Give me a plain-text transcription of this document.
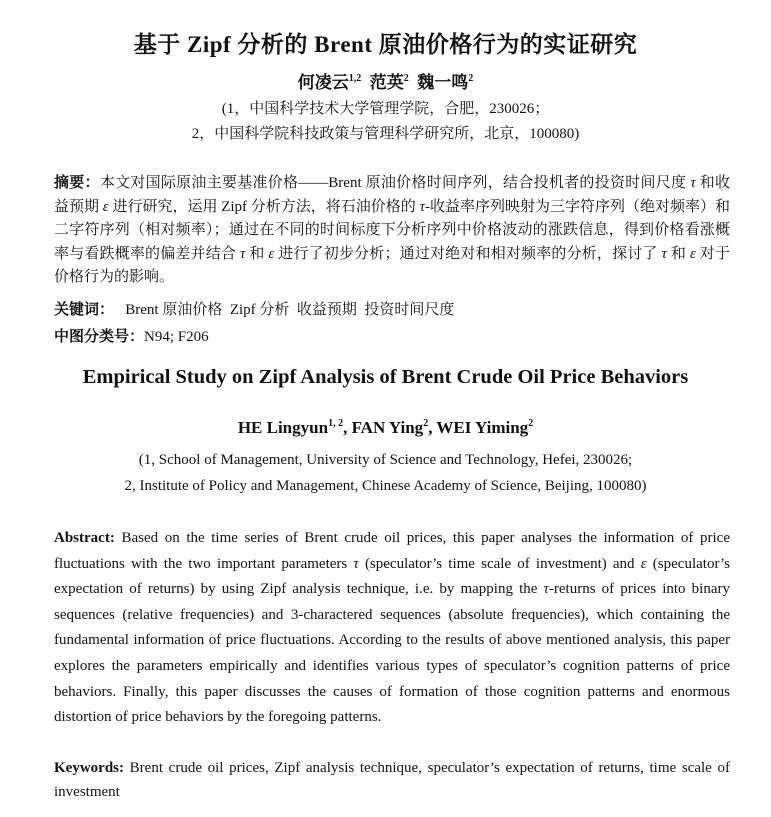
基于 Zipf 分析的 Brent 原油价格行为的实证研究
何凌云$^{1,2}$ 范英$^2$ 魏一鸣$^2$
(1，中国科学技术大学管理学院，合肥，230026；
2，中国科学院科技政策与管理科学研究所，北京，100080)
摘要：本文对国际原油主要基准价格——Brent 原油价格时间序列，结合投机者的投资时间尺度 τ 和收益预期 ε 进行研究，运用 Zipf 分析方法，将石油价格的 τ-收益率序列映射为三字符序列（绝对频率）和二字符序列（相对频率）；通过在不同的时间标度下分析序列中价格波动的涨跌信息，得到价格看涨概率与看跌概率的偏差并结合 τ 和 ε 进行了初步分析；通过对绝对和相对频率的分析，探讨了 τ 和 ε 对于价格行为的影响。
关键词： Brent 原油价格  Zipf 分析  收益预期  投资时间尺度
中图分类号：N94; F206
Empirical Study on Zipf Analysis of Brent Crude Oil Price Behaviors
HE Lingyun$^{1, 2}$, FAN Ying$^2$, WEI Yiming$^2$
(1, School of Management, University of Science and Technology, Hefei, 230026;
2, Institute of Policy and Management, Chinese Academy of Science, Beijing, 100080)
Abstract: Based on the time series of Brent crude oil prices, this paper analyses the information of price fluctuations with the two important parameters τ (speculator’s time scale of investment) and ε (speculator’s expectation of returns) by using Zipf analysis technique, i.e. by mapping the τ-returns of prices into binary sequences (relative frequencies) and 3-charactered sequences (absolute frequencies), which containing the fundamental information of price fluctuations. According to the results of above mentioned analysis, this paper explores the parameters empirically and identifies various types of speculator’s cognition patterns of price behaviors. Finally, this paper discusses the causes of formation of those cognition patterns and enormous distortion of price behaviors by the foregoing patterns.
Keywords: Brent crude oil prices, Zipf analysis technique, speculator’s expectation of returns, time scale of investment
